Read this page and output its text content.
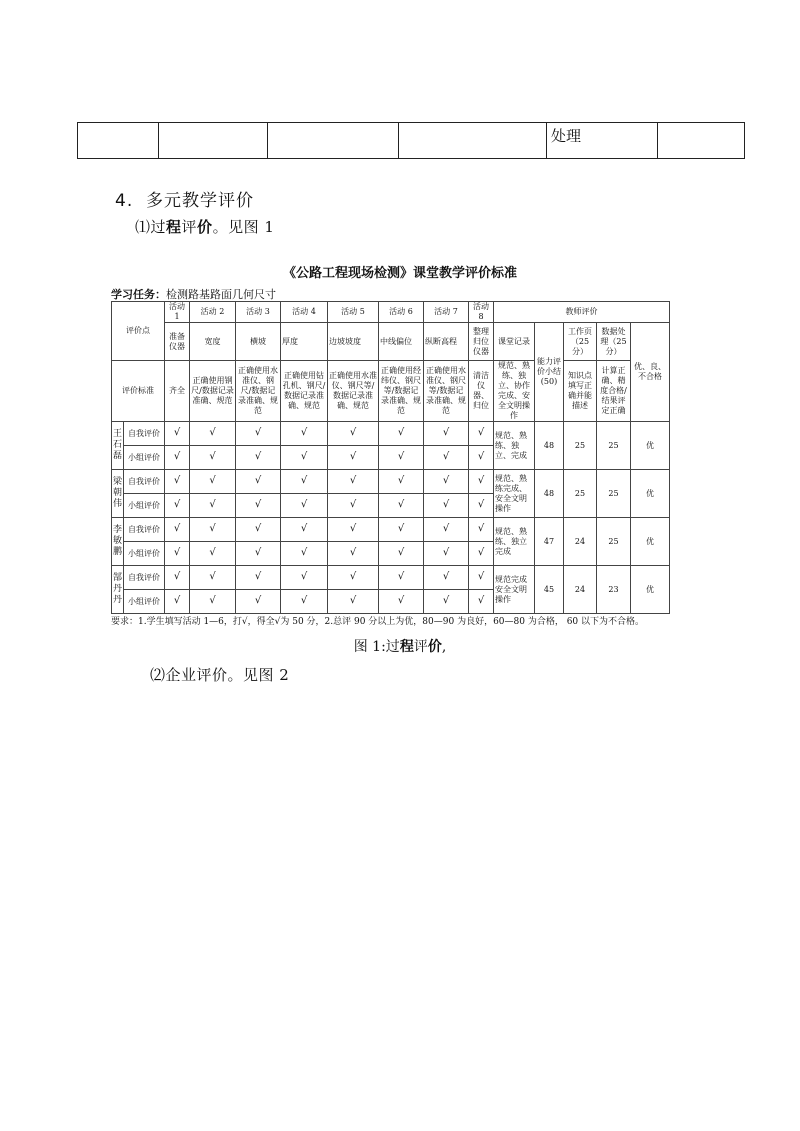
				处理	
4. 多元教学评价
⑴过程评价。见图 1
《公路工程现场检测》课堂教学评价标准
学习任务：检测路基路面几何尺寸
评价点		活动 1	活动 2	活动 3	活动 4	活动 5	活动 6	活动 7	活动 8	教师评价				
		准备仪器	宽度	横坡	厚度	边坡坡度	中线偏位	纵断高程	整理归位仪器	课堂记录	能力评价小结(50)	工作页（25分）	数据处理（25分）	优、良、不合格
评价标准		齐全	正确使用钢尺/数据记录准确、规范	正确使用水准仪、钢尺/数据记录准确、规范	正确使用钻孔机、钢尺/数据记录准确、规范	正确使用水准仪、钢尺等/数据记录准确、规范	正确使用经纬仪、钢尺等/数据记录准确、规范	正确使用水准仪、钢尺等/数据记录准确、规范	清洁仪器、归位	规范、熟练、独立、协作完成、安全文明操作		知识点填写正确并能描述	计算正确、精度合格/结果评定正确	
王石磊	自我评价	√	√	√	√	√	√	√	√	规范、熟练、独立、完成	48	25	25	优
	小组评价	√	√	√	√	√	√	√	√					
梁朝伟	自我评价	√	√	√	√	√	√	√	√	规范、熟练完成、安全文明操作	48	25	25	优
	小组评价	√	√	√	√	√	√	√	√					
李敏鹏	自我评价	√	√	√	√	√	√	√	√	规范、熟练、独立完成	47	24	25	优
	小组评价	√	√	√	√	√	√	√	√					
郜丹丹	自我评价	√	√	√	√	√	√	√	√	规范完成安全文明操作	45	24	23	优
	小组评价	√	√	√	√	√	√	√	√					
要求：1.学生填写活动 1—6，打√，得全√为 50 分，2.总评 90 分以上为优，80—90 为良好，60—80 为合格， 60 以下为不合格。
图 1:过程评价,
⑵企业评价。见图 2
